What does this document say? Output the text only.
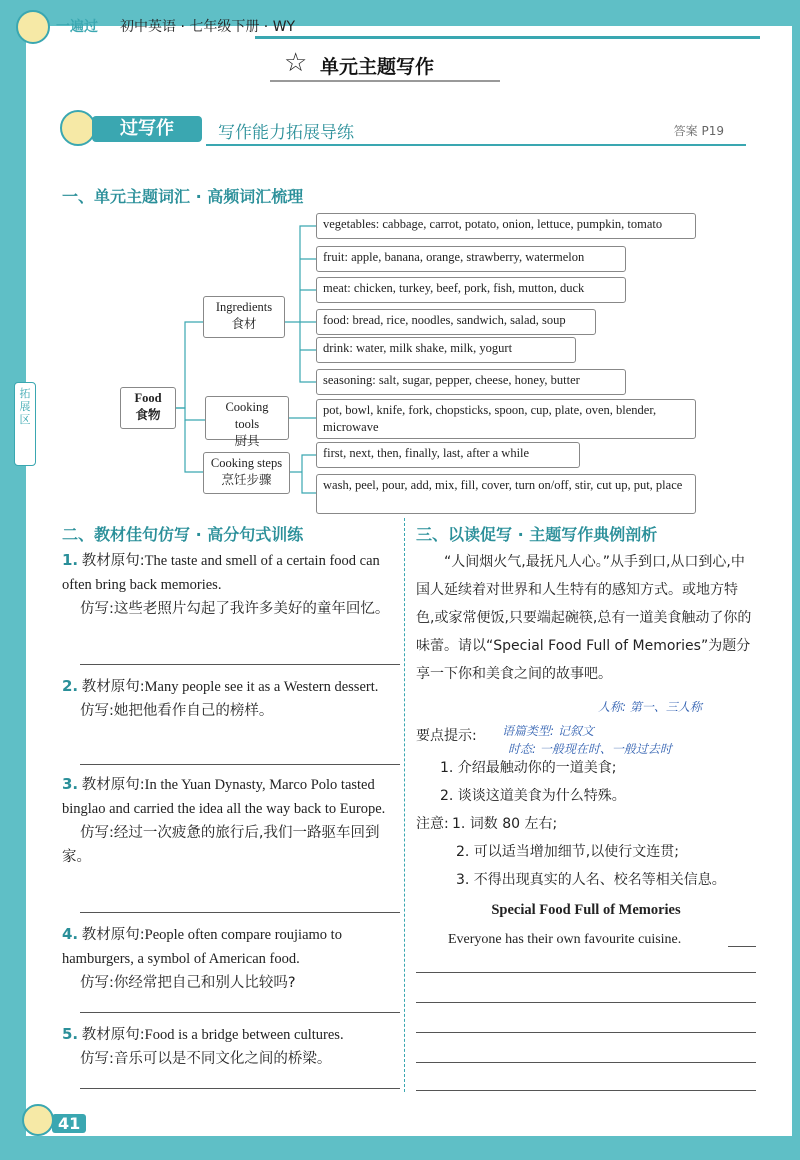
一遍过 初中英语 · 七年级下册 · WY
☆ 单元主题写作
拓展区
过写作	写作能力拓展导练	答案 P19
一、单元主题词汇 · 高频词汇梳理
Food
食物
Ingredients
食材
Cooking tools
厨具
Cooking steps
烹饪步骤
vegetables: cabbage, carrot, potato, onion, lettuce, pumpkin, tomato
fruit: apple, banana, orange, strawberry, watermelon
meat: chicken, turkey, beef, pork, fish, mutton, duck
food: bread, rice, noodles, sandwich, salad, soup
drink: water, milk shake, milk, yogurt
seasoning: salt, sugar, pepper, cheese, honey, butter
pot, bowl, knife, fork, chopsticks, spoon, cup, plate, oven, blender, microwave
first, next, then, finally, last, after a while
wash, peel, pour, add, mix, fill, cover, turn on/off, stir, cut up, put, place
二、教材佳句仿写 · 高分句式训练
1. 教材原句:The taste and smell of a certain food can often bring back memories.
仿写:这些老照片勾起了我许多美好的童年回忆。
2. 教材原句:Many people see it as a Western dessert.
仿写:她把他看作自己的榜样。
3. 教材原句:In the Yuan Dynasty, Marco Polo tasted binglao and carried the idea all the way back to Europe.
仿写:经过一次疲惫的旅行后,我们一路驱车回到家。
4. 教材原句:People often compare roujiamo to hamburgers, a symbol of American food.
仿写:你经常把自己和别人比较吗?
5. 教材原句:Food is a bridge between cultures.
仿写:音乐可以是不同文化之间的桥梁。
三、以读促写 · 主题写作典例剖析
“人间烟火气,最抚凡人心。”从手到口,从口到心,中国人延续着对世界和人生特有的感知方式。或地方特色,或家常便饭,只要端起碗筷,总有一道美食触动了你的味蕾。请以“Special Food Full of Memories”为题分享一下你和美食之间的故事吧。
人称: 第一、三人称
语篇类型: 记叙文
时态: 一般现在时、一般过去时
要点提示:
1. 介绍最触动你的一道美食;
2. 谈谈这道美食为什么特殊。
注意: 1. 词数 80 左右;
2. 可以适当增加细节,以使行文连贯;
3. 不得出现真实的人名、校名等相关信息。
Special Food Full of Memories
Everyone has their own favourite cuisine.
41	上课认真听
下课练天星
